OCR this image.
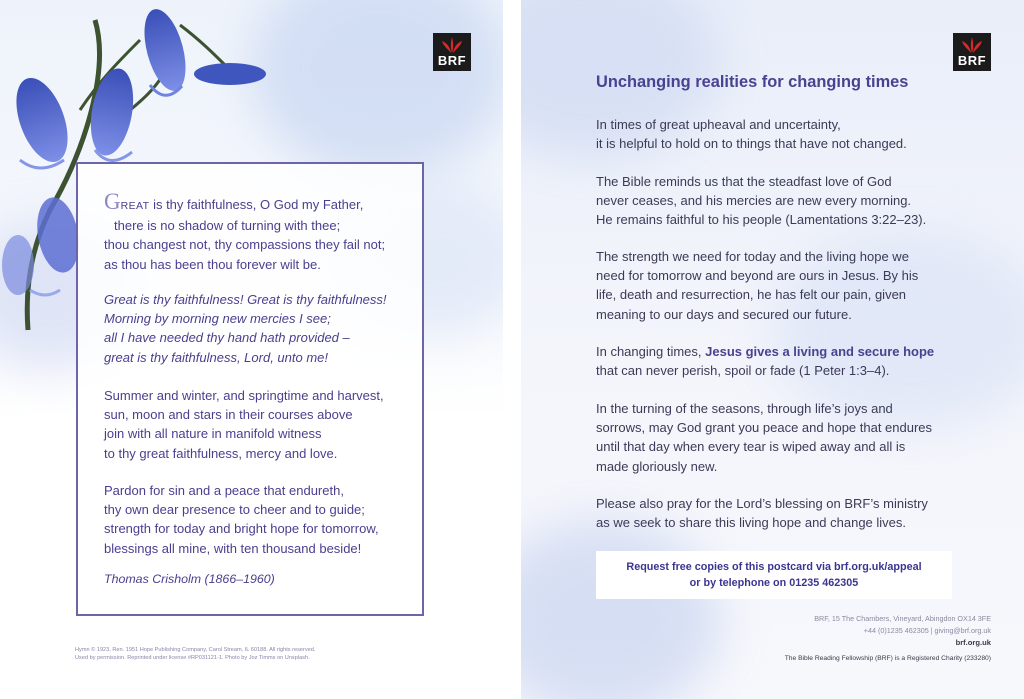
BRF
GREAT is thy faithfulness, O God my Father,
there is no shadow of turning with thee;
thou changest not, thy compassions they fail not;
as thou has been thou forever wilt be.
Great is thy faithfulness! Great is thy faithfulness!
Morning by morning new mercies I see;
all I have needed thy hand hath provided –
great is thy faithfulness, Lord, unto me!
Summer and winter, and springtime and harvest,
sun, moon and stars in their courses above
join with all nature in manifold witness
to thy great faithfulness, mercy and love.
Pardon for sin and a peace that endureth,
thy own dear presence to cheer and to guide;
strength for today and bright hope for tomorrow,
blessings all mine, with ten thousand beside!
Thomas Crisholm (1866–1960)
Hymn © 1923, Ren. 1951 Hope Publishing Company, Carol Stream, IL 60188. All rights reserved.
Used by permission. Reprinted under license #RP031121-1. Photo by Joz Timms on Unsplash.
BRF
Unchanging realities for changing times
In times of great upheaval and uncertainty,
it is helpful to hold on to things that have not changed.
The Bible reminds us that the steadfast love of God
never ceases, and his mercies are new every morning.
He remains faithful to his people (Lamentations 3:22–23).
The strength we need for today and the living hope we
need for tomorrow and beyond are ours in Jesus. By his
life, death and resurrection, he has felt our pain, given
meaning to our days and secured our future.
In changing times, Jesus gives a living and secure hope
that can never perish, spoil or fade (1 Peter 1:3–4).
In the turning of the seasons, through life’s joys and
sorrows, may God grant you peace and hope that endures
until that day when every tear is wiped away and all is
made gloriously new.
Please also pray for the Lord’s blessing on BRF’s ministry
as we seek to share this living hope and change lives.
Request free copies of this postcard via brf.org.uk/appeal
or by telephone on 01235 462305
BRF, 15 The Chambers, Vineyard, Abingdon OX14 3FE
+44 (0)1235 462305 | giving@brf.org.uk
brf.org.uk
The Bible Reading Fellowship (BRF) is a Registered Charity (233280)
